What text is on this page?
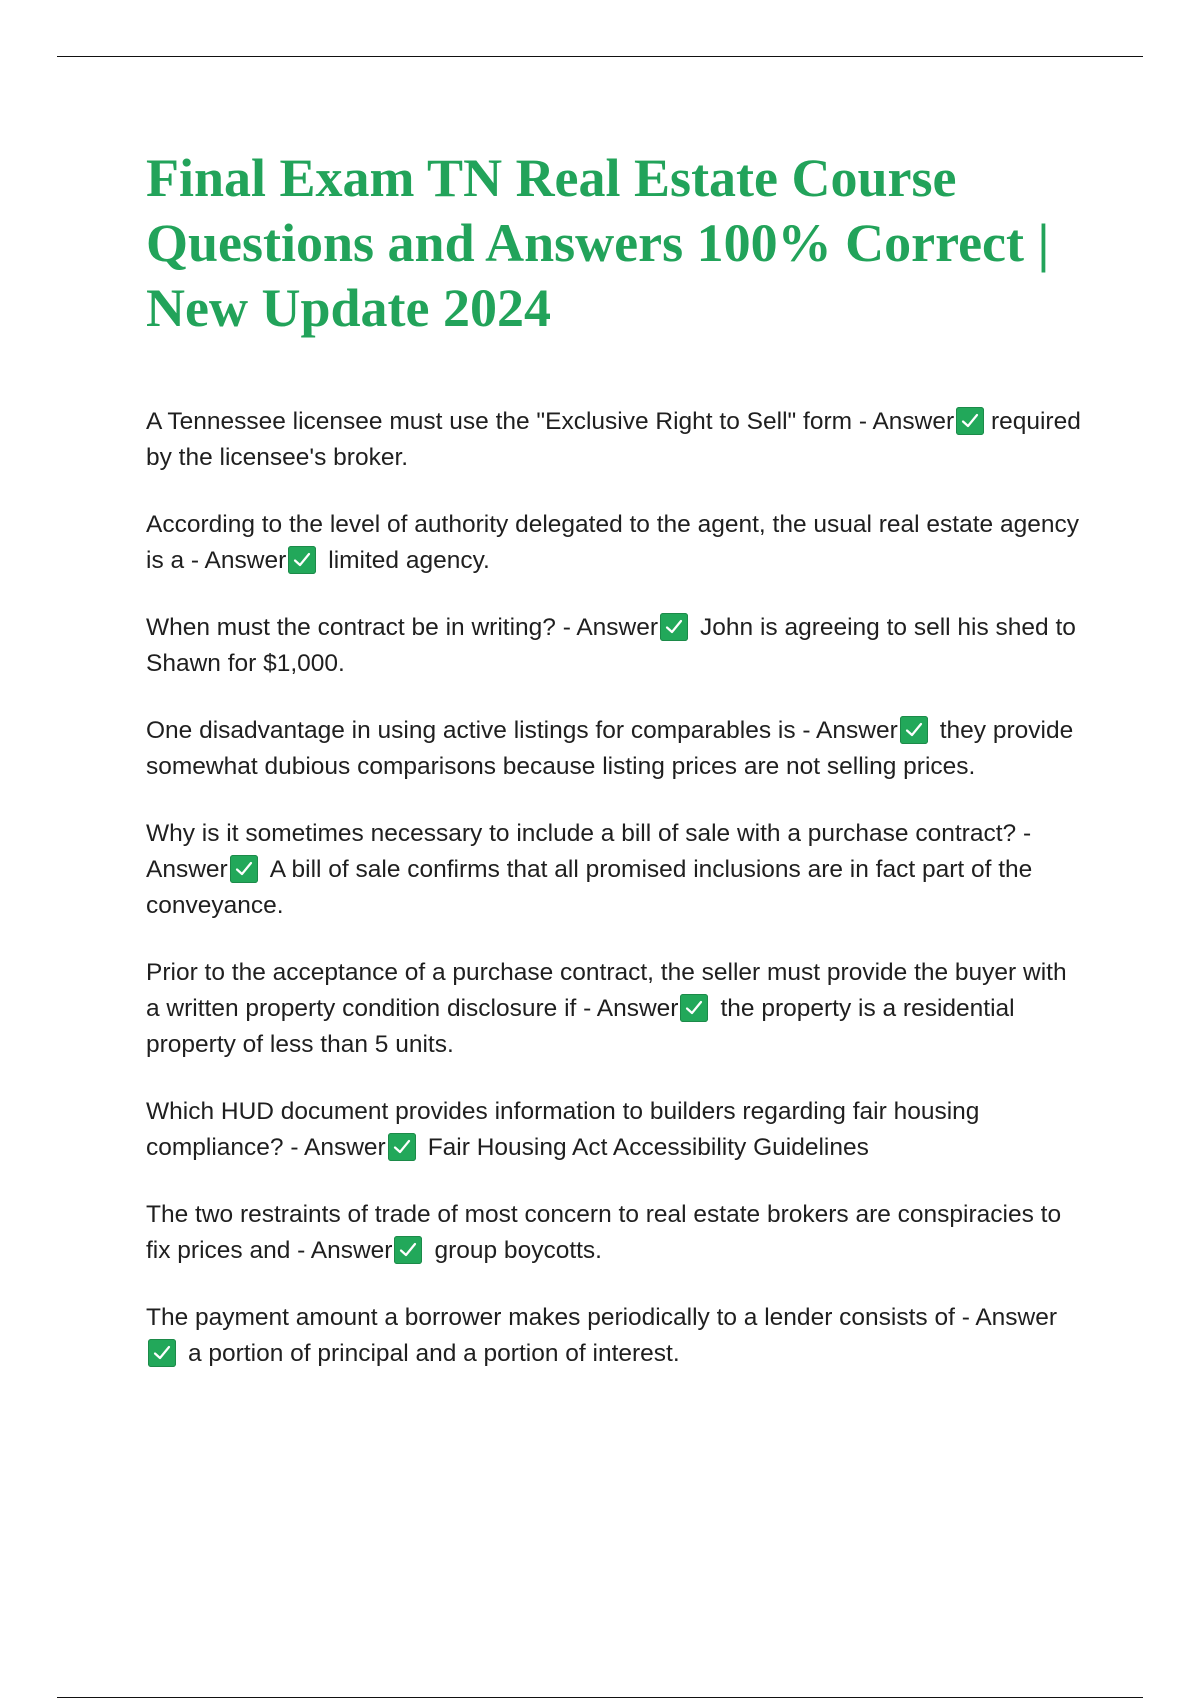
Final Exam TN Real Estate Course Questions and Answers 100% Correct | New Update 2024

A Tennessee licensee must use the "Exclusive Right to Sell" form - Answer required by the licensee's broker.

According to the level of authority delegated to the agent, the usual real estate agency is a - Answer limited agency.

When must the contract be in writing? - Answer John is agreeing to sell his shed to Shawn for $1,000.

One disadvantage in using active listings for comparables is - Answer they provide somewhat dubious comparisons because listing prices are not selling prices.

Why is it sometimes necessary to include a bill of sale with a purchase contract? - Answer A bill of sale confirms that all promised inclusions are in fact part of the conveyance.

Prior to the acceptance of a purchase contract, the seller must provide the buyer with a written property condition disclosure if - Answer the property is a residential property of less than 5 units.

Which HUD document provides information to builders regarding fair housing compliance? - Answer Fair Housing Act Accessibility Guidelines

The two restraints of trade of most concern to real estate brokers are conspiracies to fix prices and - Answer group boycotts.

The payment amount a borrower makes periodically to a lender consists of - Answer
a portion of principal and a portion of interest.
